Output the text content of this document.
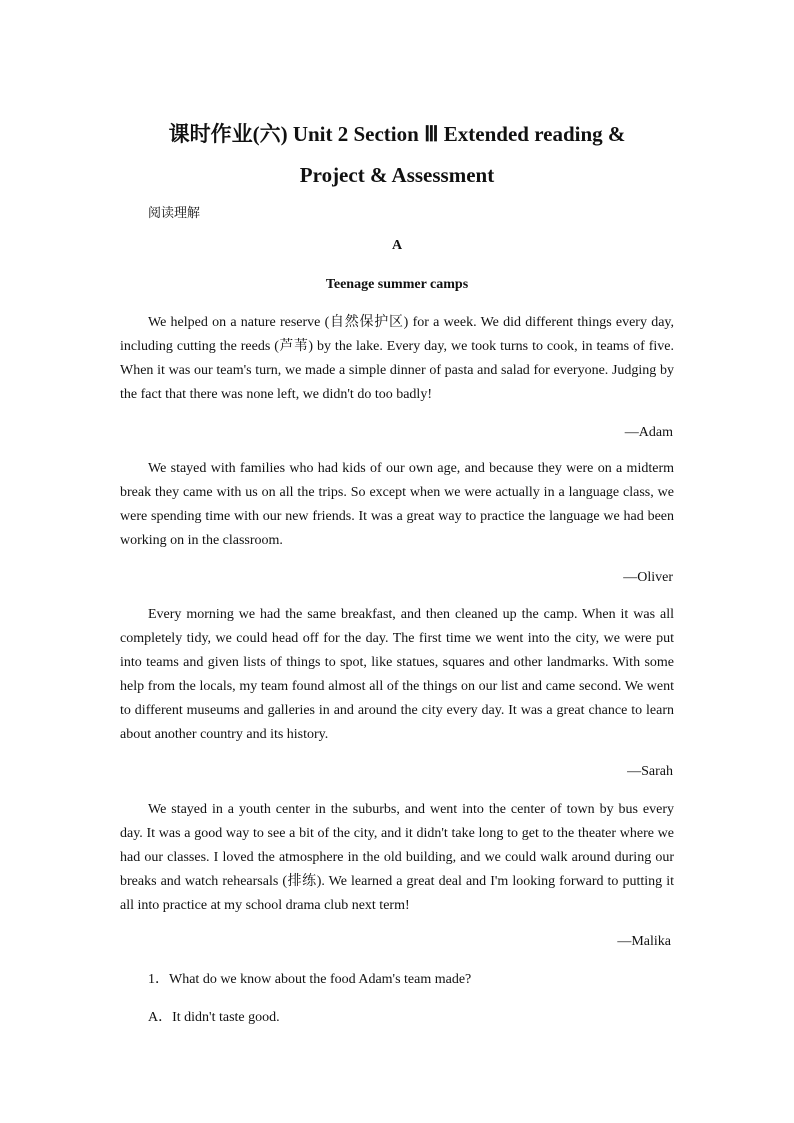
课时作业(六) Unit 2 Section Ⅲ Extended reading &
Project & Assessment
阅读理解
A
Teenage summer camps

We helped on a nature reserve (自然保护区) for a week. We did different things every day, including cutting the reeds (芦苇) by the lake. Every day, we took turns to cook, in teams of five. When it was our team's turn, we made a simple dinner of pasta and salad for everyone. Judging by the fact that there was none left, we didn't do too badly!

—Adam

We stayed with families who had kids of our own age, and because they were on a midterm break they came with us on all the trips. So except when we were actually in a language class, we were spending time with our new friends. It was a great way to practice the language we had been working on in the classroom.

—Oliver

Every morning we had the same breakfast, and then cleaned up the camp. When it was all completely tidy, we could head off for the day. The first time we went into the city, we were put into teams and given lists of things to spot, like statues, squares and other landmarks. With some help from the locals, my team found almost all of the things on our list and came second. We went to different museums and galleries in and around the city every day. It was a great chance to learn about another country and its history.

—Sarah

We stayed in a youth center in the suburbs, and went into the center of town by bus every day. It was a good way to see a bit of the city, and it didn't take long to get to the theater where we had our classes. I loved the atmosphere in the old building, and we could walk around during our breaks and watch rehearsals (排练). We learned a great deal and I'm looking forward to putting it all into practice at my school drama club next term!

—Malika
1．What do we know about the food Adam's team made?
A．It didn't taste good.
